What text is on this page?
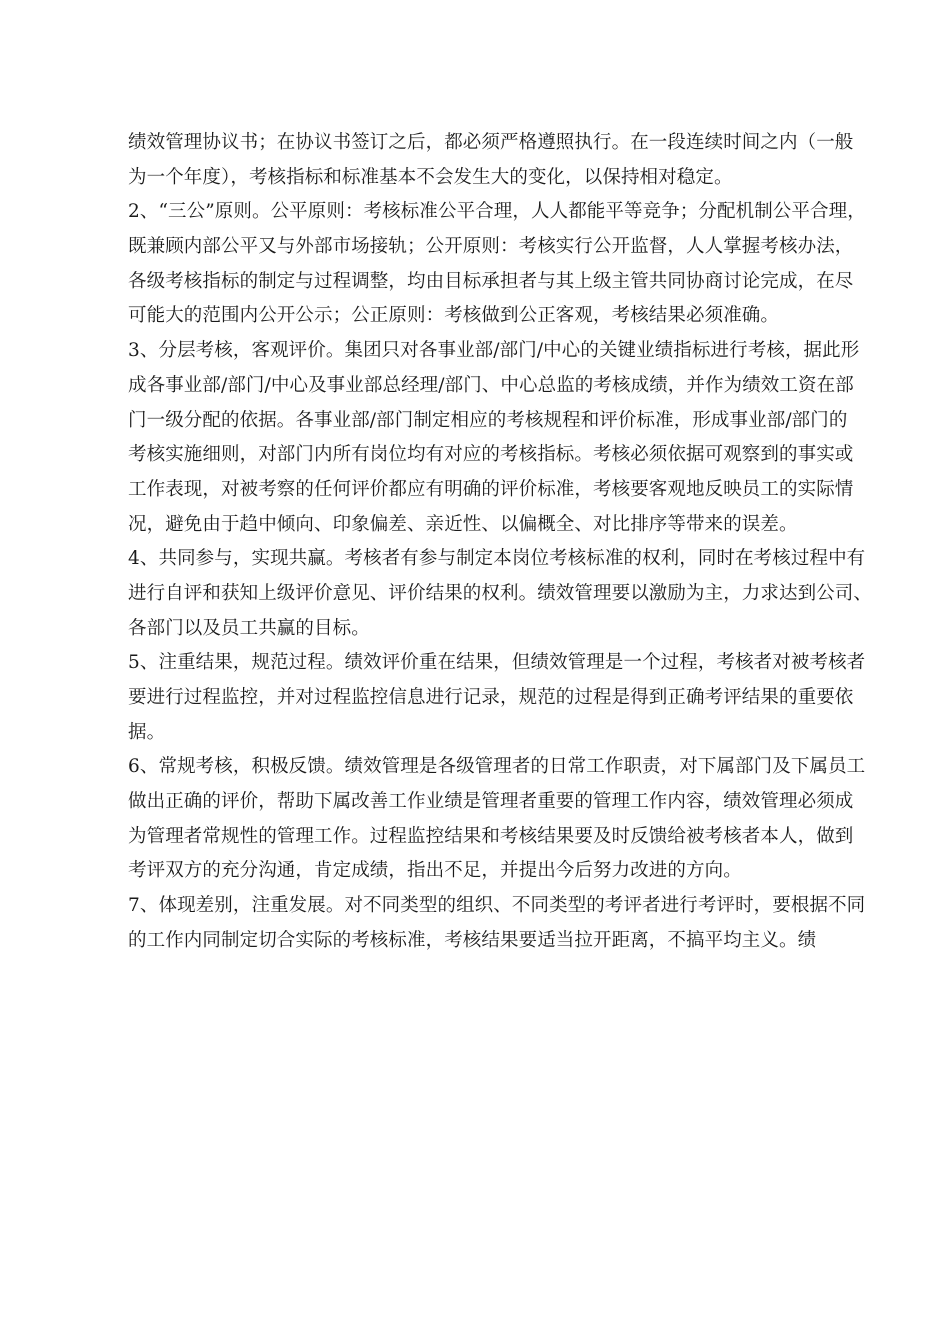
绩效管理协议书；在协议书签订之后，都必须严格遵照执行。在一段连续时间之内（一般
为一个年度），考核指标和标准基本不会发生大的变化，以保持相对稳定。
2、“三公”原则。公平原则：考核标准公平合理，人人都能平等竞争；分配机制公平合理，
既兼顾内部公平又与外部市场接轨；公开原则：考核实行公开监督，人人掌握考核办法，
各级考核指标的制定与过程调整，均由目标承担者与其上级主管共同协商讨论完成，在尽
可能大的范围内公开公示；公正原则：考核做到公正客观，考核结果必须准确。
3、分层考核，客观评价。集团只对各事业部/部门/中心的关键业绩指标进行考核，据此形
成各事业部/部门/中心及事业部总经理/部门、中心总监的考核成绩，并作为绩效工资在部
门一级分配的依据。各事业部/部门制定相应的考核规程和评价标准，形成事业部/部门的
考核实施细则，对部门内所有岗位均有对应的考核指标。考核必须依据可观察到的事实或
工作表现，对被考察的任何评价都应有明确的评价标准，考核要客观地反映员工的实际情
况，避免由于趋中倾向、印象偏差、亲近性、以偏概全、对比排序等带来的误差。
4、共同参与，实现共赢。考核者有参与制定本岗位考核标准的权利，同时在考核过程中有
进行自评和获知上级评价意见、评价结果的权利。绩效管理要以激励为主，力求达到公司、
各部门以及员工共赢的目标。
5、注重结果，规范过程。绩效评价重在结果，但绩效管理是一个过程，考核者对被考核者
要进行过程监控，并对过程监控信息进行记录，规范的过程是得到正确考评结果的重要依
据。
6、常规考核，积极反馈。绩效管理是各级管理者的日常工作职责，对下属部门及下属员工
做出正确的评价，帮助下属改善工作业绩是管理者重要的管理工作内容，绩效管理必须成
为管理者常规性的管理工作。过程监控结果和考核结果要及时反馈给被考核者本人，做到
考评双方的充分沟通，肯定成绩，指出不足，并提出今后努力改进的方向。
7、体现差别，注重发展。对不同类型的组织、不同类型的考评者进行考评时，要根据不同
的工作内同制定切合实际的考核标准，考核结果要适当拉开距离，不搞平均主义。绩
